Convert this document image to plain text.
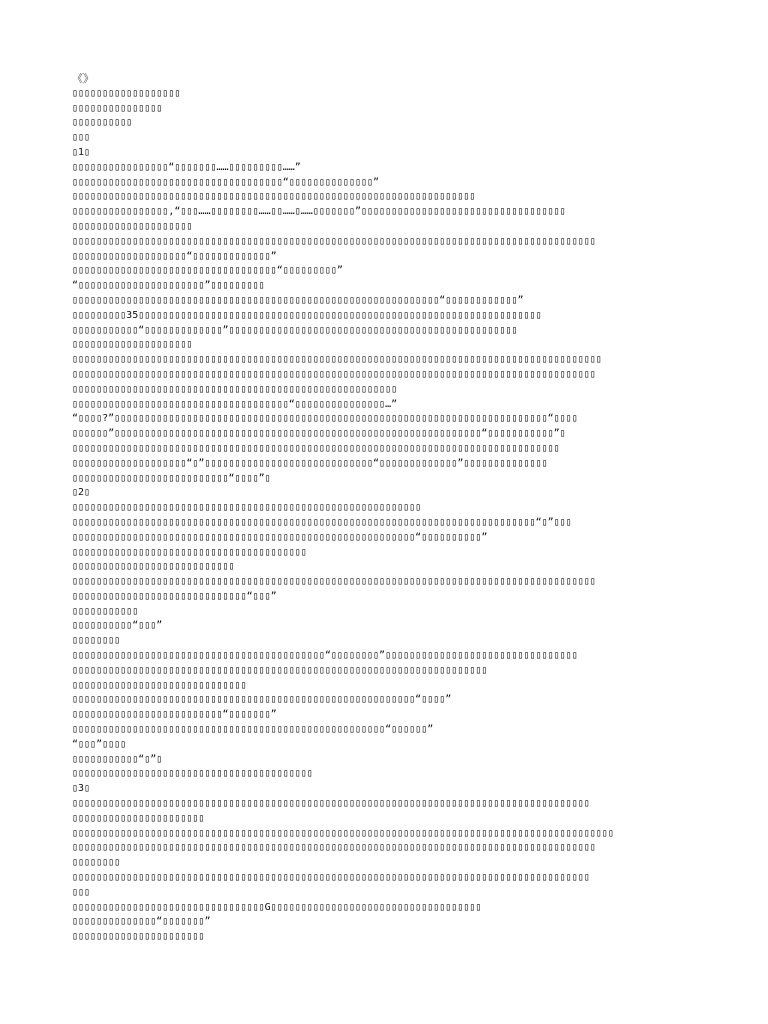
《》
▯▯▯▯▯▯▯▯▯▯▯▯▯▯▯▯▯▯
▯▯▯▯▯▯▯▯▯▯▯▯▯▯▯
▯▯▯▯▯▯▯▯▯▯
▯▯▯
▯1▯
▯▯▯▯▯▯▯▯▯▯▯▯▯▯▯▯“▯▯▯▯▯▯▯……▯▯▯▯▯▯▯▯▯……”
▯▯▯▯▯▯▯▯▯▯▯▯▯▯▯▯▯▯▯▯▯▯▯▯▯▯▯▯▯▯▯▯▯▯▯“▯▯▯▯▯▯▯▯▯▯▯▯▯▯”
▯▯▯▯▯▯▯▯▯▯▯▯▯▯▯▯▯▯▯▯▯▯▯▯▯▯▯▯▯▯▯▯▯▯▯▯▯▯▯▯▯▯▯▯▯▯▯▯▯▯▯▯▯▯▯▯▯▯▯▯▯▯▯▯▯▯▯
▯▯▯▯▯▯▯▯▯▯▯▯▯▯▯▯,“▯▯▯……▯▯▯▯▯▯▯▯……▯▯……▯……▯▯▯▯▯▯▯”▯▯▯▯▯▯▯▯▯▯▯▯▯▯▯▯▯▯▯▯▯▯▯▯▯▯▯▯▯▯▯▯▯▯
▯▯▯▯▯▯▯▯▯▯▯▯▯▯▯▯▯▯▯▯
▯▯▯▯▯▯▯▯▯▯▯▯▯▯▯▯▯▯▯▯▯▯▯▯▯▯▯▯▯▯▯▯▯▯▯▯▯▯▯▯▯▯▯▯▯▯▯▯▯▯▯▯▯▯▯▯▯▯▯▯▯▯▯▯▯▯▯▯▯▯▯▯▯▯▯▯▯▯▯▯▯▯▯▯▯▯▯
▯▯▯▯▯▯▯▯▯▯▯▯▯▯▯▯▯▯▯“▯▯▯▯▯▯▯▯▯▯▯▯▯”
▯▯▯▯▯▯▯▯▯▯▯▯▯▯▯▯▯▯▯▯▯▯▯▯▯▯▯▯▯▯▯▯▯▯“▯▯▯▯▯▯▯▯▯”
“▯▯▯▯▯▯▯▯▯▯▯▯▯▯▯▯▯▯▯▯▯”▯▯▯▯▯▯▯▯▯
▯▯▯▯▯▯▯▯▯▯▯▯▯▯▯▯▯▯▯▯▯▯▯▯▯▯▯▯▯▯▯▯▯▯▯▯▯▯▯▯▯▯▯▯▯▯▯▯▯▯▯▯▯▯▯▯▯▯▯▯▯“▯▯▯▯▯▯▯▯▯▯▯▯”
▯▯▯▯▯▯▯▯▯35▯▯▯▯▯▯▯▯▯▯▯▯▯▯▯▯▯▯▯▯▯▯▯▯▯▯▯▯▯▯▯▯▯▯▯▯▯▯▯▯▯▯▯▯▯▯▯▯▯▯▯▯▯▯▯▯▯▯▯▯▯▯▯▯▯▯▯
▯▯▯▯▯▯▯▯▯▯▯“▯▯▯▯▯▯▯▯▯▯▯▯▯”▯▯▯▯▯▯▯▯▯▯▯▯▯▯▯▯▯▯▯▯▯▯▯▯▯▯▯▯▯▯▯▯▯▯▯▯▯▯▯▯▯▯▯▯▯▯▯▯
▯▯▯▯▯▯▯▯▯▯▯▯▯▯▯▯▯▯▯▯
▯▯▯▯▯▯▯▯▯▯▯▯▯▯▯▯▯▯▯▯▯▯▯▯▯▯▯▯▯▯▯▯▯▯▯▯▯▯▯▯▯▯▯▯▯▯▯▯▯▯▯▯▯▯▯▯▯▯▯▯▯▯▯▯▯▯▯▯▯▯▯▯▯▯▯▯▯▯▯▯▯▯▯▯▯▯▯▯
▯▯▯▯▯▯▯▯▯▯▯▯▯▯▯▯▯▯▯▯▯▯▯▯▯▯▯▯▯▯▯▯▯▯▯▯▯▯▯▯▯▯▯▯▯▯▯▯▯▯▯▯▯▯▯▯▯▯▯▯▯▯▯▯▯▯▯▯▯▯▯▯▯▯▯▯▯▯▯▯▯▯▯▯▯▯▯
▯▯▯▯▯▯▯▯▯▯▯▯▯▯▯▯▯▯▯▯▯▯▯▯▯▯▯▯▯▯▯▯▯▯▯▯▯▯▯▯▯▯▯▯▯▯▯▯▯▯▯▯▯▯
▯▯▯▯▯▯▯▯▯▯▯▯▯▯▯▯▯▯▯▯▯▯▯▯▯▯▯▯▯▯▯▯▯▯▯▯“▯▯▯▯▯▯▯▯▯▯▯▯▯▯▯…”
“▯▯▯▯?”▯▯▯▯▯▯▯▯▯▯▯▯▯▯▯▯▯▯▯▯▯▯▯▯▯▯▯▯▯▯▯▯▯▯▯▯▯▯▯▯▯▯▯▯▯▯▯▯▯▯▯▯▯▯▯▯▯▯▯▯▯▯▯▯▯▯▯▯▯▯▯▯“▯▯▯▯
▯▯▯▯▯▯”▯▯▯▯▯▯▯▯▯▯▯▯▯▯▯▯▯▯▯▯▯▯▯▯▯▯▯▯▯▯▯▯▯▯▯▯▯▯▯▯▯▯▯▯▯▯▯▯▯▯▯▯▯▯▯▯▯▯▯▯▯“▯▯▯▯▯▯▯▯▯▯▯”▯
▯▯▯▯▯▯▯▯▯▯▯▯▯▯▯▯▯▯▯▯▯▯▯▯▯▯▯▯▯▯▯▯▯▯▯▯▯▯▯▯▯▯▯▯▯▯▯▯▯▯▯▯▯▯▯▯▯▯▯▯▯▯▯▯▯▯▯▯▯▯▯▯▯▯▯▯▯▯▯▯▯
▯▯▯▯▯▯▯▯▯▯▯▯▯▯▯▯▯▯▯“▯”▯▯▯▯▯▯▯▯▯▯▯▯▯▯▯▯▯▯▯▯▯▯▯▯▯▯▯▯“▯▯▯▯▯▯▯▯▯▯▯▯▯”▯▯▯▯▯▯▯▯▯▯▯▯▯▯
▯▯▯▯▯▯▯▯▯▯▯▯▯▯▯▯▯▯▯▯▯▯▯▯▯▯“▯▯▯▯”▯
▯2▯
▯▯▯▯▯▯▯▯▯▯▯▯▯▯▯▯▯▯▯▯▯▯▯▯▯▯▯▯▯▯▯▯▯▯▯▯▯▯▯▯▯▯▯▯▯▯▯▯▯▯▯▯▯▯▯▯▯▯
▯▯▯▯▯▯▯▯▯▯▯▯▯▯▯▯▯▯▯▯▯▯▯▯▯▯▯▯▯▯▯▯▯▯▯▯▯▯▯▯▯▯▯▯▯▯▯▯▯▯▯▯▯▯▯▯▯▯▯▯▯▯▯▯▯▯▯▯▯▯▯▯▯▯▯▯▯“▯”▯▯▯
▯▯▯▯▯▯▯▯▯▯▯▯▯▯▯▯▯▯▯▯▯▯▯▯▯▯▯▯▯▯▯▯▯▯▯▯▯▯▯▯▯▯▯▯▯▯▯▯▯▯▯▯▯▯▯▯▯“▯▯▯▯▯▯▯▯▯▯”
▯▯▯▯▯▯▯▯▯▯▯▯▯▯▯▯▯▯▯▯▯▯▯▯▯▯▯▯▯▯▯▯▯▯▯▯▯▯▯
▯▯▯▯▯▯▯▯▯▯▯▯▯▯▯▯▯▯▯▯▯▯▯▯▯▯▯
▯▯▯▯▯▯▯▯▯▯▯▯▯▯▯▯▯▯▯▯▯▯▯▯▯▯▯▯▯▯▯▯▯▯▯▯▯▯▯▯▯▯▯▯▯▯▯▯▯▯▯▯▯▯▯▯▯▯▯▯▯▯▯▯▯▯▯▯▯▯▯▯▯▯▯▯▯▯▯▯▯▯▯▯▯▯▯
▯▯▯▯▯▯▯▯▯▯▯▯▯▯▯▯▯▯▯▯▯▯▯▯▯▯▯▯▯“▯▯▯”
▯▯▯▯▯▯▯▯▯▯▯
▯▯▯▯▯▯▯▯▯▯“▯▯▯”
▯▯▯▯▯▯▯▯
▯▯▯▯▯▯▯▯▯▯▯▯▯▯▯▯▯▯▯▯▯▯▯▯▯▯▯▯▯▯▯▯▯▯▯▯▯▯▯▯▯▯“▯▯▯▯▯▯▯▯”▯▯▯▯▯▯▯▯▯▯▯▯▯▯▯▯▯▯▯▯▯▯▯▯▯▯▯▯▯▯▯▯
▯▯▯▯▯▯▯▯▯▯▯▯▯▯▯▯▯▯▯▯▯▯▯▯▯▯▯▯▯▯▯▯▯▯▯▯▯▯▯▯▯▯▯▯▯▯▯▯▯▯▯▯▯▯▯▯▯▯▯▯▯▯▯▯▯▯▯▯▯
▯▯▯▯▯▯▯▯▯▯▯▯▯▯▯▯▯▯▯▯▯▯▯▯▯▯▯▯▯
▯▯▯▯▯▯▯▯▯▯▯▯▯▯▯▯▯▯▯▯▯▯▯▯▯▯▯▯▯▯▯▯▯▯▯▯▯▯▯▯▯▯▯▯▯▯▯▯▯▯▯▯▯▯▯▯▯“▯▯▯▯”
▯▯▯▯▯▯▯▯▯▯▯▯▯▯▯▯▯▯▯▯▯▯▯▯▯“▯▯▯▯▯▯▯”
▯▯▯▯▯▯▯▯▯▯▯▯▯▯▯▯▯▯▯▯▯▯▯▯▯▯▯▯▯▯▯▯▯▯▯▯▯▯▯▯▯▯▯▯▯▯▯▯▯▯▯▯“▯▯▯▯▯▯”
“▯▯▯”▯▯▯▯
▯▯▯▯▯▯▯▯▯▯▯“▯”▯
▯▯▯▯▯▯▯▯▯▯▯▯▯▯▯▯▯▯▯▯▯▯▯▯▯▯▯▯▯▯▯▯▯▯▯▯▯▯▯▯
▯3▯
▯▯▯▯▯▯▯▯▯▯▯▯▯▯▯▯▯▯▯▯▯▯▯▯▯▯▯▯▯▯▯▯▯▯▯▯▯▯▯▯▯▯▯▯▯▯▯▯▯▯▯▯▯▯▯▯▯▯▯▯▯▯▯▯▯▯▯▯▯▯▯▯▯▯▯▯▯▯▯▯▯▯▯▯▯▯
▯▯▯▯▯▯▯▯▯▯▯▯▯▯▯▯▯▯▯▯▯▯
▯▯▯▯▯▯▯▯▯▯▯▯▯▯▯▯▯▯▯▯▯▯▯▯▯▯▯▯▯▯▯▯▯▯▯▯▯▯▯▯▯▯▯▯▯▯▯▯▯▯▯▯▯▯▯▯▯▯▯▯▯▯▯▯▯▯▯▯▯▯▯▯▯▯▯▯▯▯▯▯▯▯▯▯▯▯▯▯▯▯
▯▯▯▯▯▯▯▯▯▯▯▯▯▯▯▯▯▯▯▯▯▯▯▯▯▯▯▯▯▯▯▯▯▯▯▯▯▯▯▯▯▯▯▯▯▯▯▯▯▯▯▯▯▯▯▯▯▯▯▯▯▯▯▯▯▯▯▯▯▯▯▯▯▯▯▯▯▯▯▯▯▯▯▯▯▯▯
▯▯▯▯▯▯▯▯
▯▯▯▯▯▯▯▯▯▯▯▯▯▯▯▯▯▯▯▯▯▯▯▯▯▯▯▯▯▯▯▯▯▯▯▯▯▯▯▯▯▯▯▯▯▯▯▯▯▯▯▯▯▯▯▯▯▯▯▯▯▯▯▯▯▯▯▯▯▯▯▯▯▯▯▯▯▯▯▯▯▯▯▯▯▯
▯▯▯
▯▯▯▯▯▯▯▯▯▯▯▯▯▯▯▯▯▯▯▯▯▯▯▯▯▯▯▯▯▯▯▯G▯▯▯▯▯▯▯▯▯▯▯▯▯▯▯▯▯▯▯▯▯▯▯▯▯▯▯▯▯▯▯▯▯▯▯
▯▯▯▯▯▯▯▯▯▯▯▯▯▯“▯▯▯▯▯▯▯”
▯▯▯▯▯▯▯▯▯▯▯▯▯▯▯▯▯▯▯▯▯▯
